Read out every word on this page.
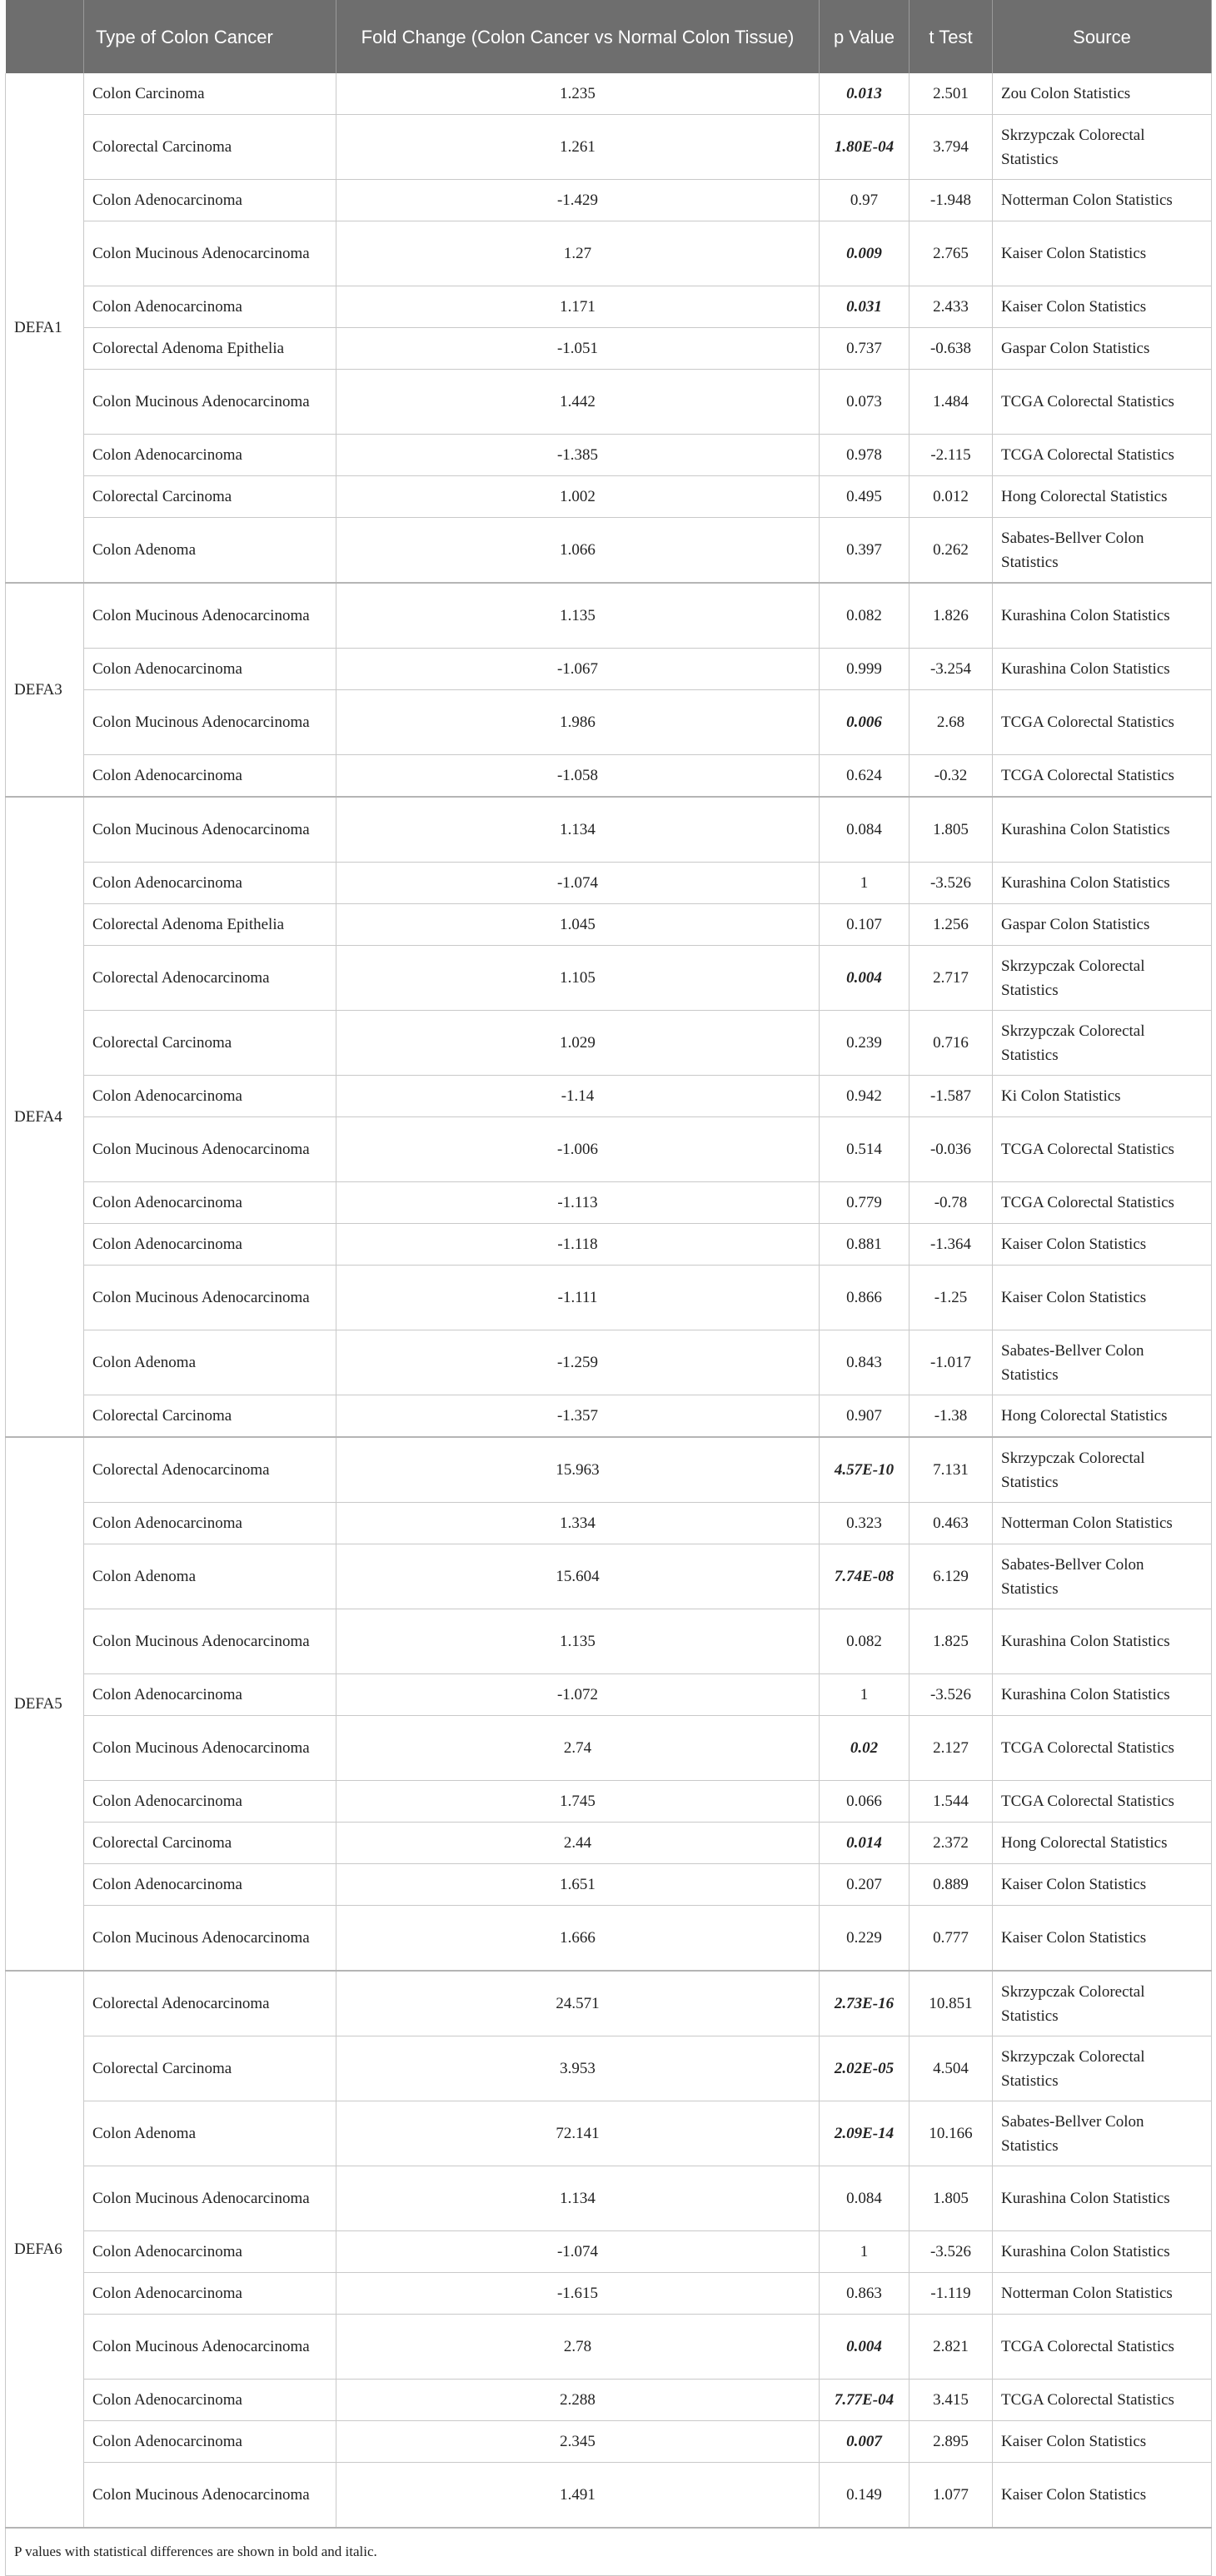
	Type of Colon Cancer	Fold Change (Colon Cancer vs Normal Colon Tissue)	p Value	t Test	Source
DEFA1	Colon Carcinoma	1.235	0.013	2.501	Zou Colon Statistics
	Colorectal Carcinoma	1.261	1.80E-04	3.794	Skrzypczak Colorectal Statistics
	Colon Adenocarcinoma	-1.429	0.97	-1.948	Notterman Colon Statistics
	Colon Mucinous Adenocarcinoma	1.27	0.009	2.765	Kaiser Colon Statistics
	Colon Adenocarcinoma	1.171	0.031	2.433	Kaiser Colon Statistics
	Colorectal Adenoma Epithelia	-1.051	0.737	-0.638	Gaspar Colon Statistics
	Colon Mucinous Adenocarcinoma	1.442	0.073	1.484	TCGA Colorectal Statistics
	Colon Adenocarcinoma	-1.385	0.978	-2.115	TCGA Colorectal Statistics
	Colorectal Carcinoma	1.002	0.495	0.012	Hong Colorectal Statistics
	Colon Adenoma	1.066	0.397	0.262	Sabates-Bellver Colon Statistics
DEFA3	Colon Mucinous Adenocarcinoma	1.135	0.082	1.826	Kurashina Colon Statistics
	Colon Adenocarcinoma	-1.067	0.999	-3.254	Kurashina Colon Statistics
	Colon Mucinous Adenocarcinoma	1.986	0.006	2.68	TCGA Colorectal Statistics
	Colon Adenocarcinoma	-1.058	0.624	-0.32	TCGA Colorectal Statistics
DEFA4	Colon Mucinous Adenocarcinoma	1.134	0.084	1.805	Kurashina Colon Statistics
	Colon Adenocarcinoma	-1.074	1	-3.526	Kurashina Colon Statistics
	Colorectal Adenoma Epithelia	1.045	0.107	1.256	Gaspar Colon Statistics
	Colorectal Adenocarcinoma	1.105	0.004	2.717	Skrzypczak Colorectal Statistics
	Colorectal Carcinoma	1.029	0.239	0.716	Skrzypczak Colorectal Statistics
	Colon Adenocarcinoma	-1.14	0.942	-1.587	Ki Colon Statistics
	Colon Mucinous Adenocarcinoma	-1.006	0.514	-0.036	TCGA Colorectal Statistics
	Colon Adenocarcinoma	-1.113	0.779	-0.78	TCGA Colorectal Statistics
	Colon Adenocarcinoma	-1.118	0.881	-1.364	Kaiser Colon Statistics
	Colon Mucinous Adenocarcinoma	-1.111	0.866	-1.25	Kaiser Colon Statistics
	Colon Adenoma	-1.259	0.843	-1.017	Sabates-Bellver Colon Statistics
	Colorectal Carcinoma	-1.357	0.907	-1.38	Hong Colorectal Statistics
DEFA5	Colorectal Adenocarcinoma	15.963	4.57E-10	7.131	Skrzypczak Colorectal Statistics
	Colon Adenocarcinoma	1.334	0.323	0.463	Notterman Colon Statistics
	Colon Adenoma	15.604	7.74E-08	6.129	Sabates-Bellver Colon Statistics
	Colon Mucinous Adenocarcinoma	1.135	0.082	1.825	Kurashina Colon Statistics
	Colon Adenocarcinoma	-1.072	1	-3.526	Kurashina Colon Statistics
	Colon Mucinous Adenocarcinoma	2.74	0.02	2.127	TCGA Colorectal Statistics
	Colon Adenocarcinoma	1.745	0.066	1.544	TCGA Colorectal Statistics
	Colorectal Carcinoma	2.44	0.014	2.372	Hong Colorectal Statistics
	Colon Adenocarcinoma	1.651	0.207	0.889	Kaiser Colon Statistics
	Colon Mucinous Adenocarcinoma	1.666	0.229	0.777	Kaiser Colon Statistics
DEFA6	Colorectal Adenocarcinoma	24.571	2.73E-16	10.851	Skrzypczak Colorectal Statistics
	Colorectal Carcinoma	3.953	2.02E-05	4.504	Skrzypczak Colorectal Statistics
	Colon Adenoma	72.141	2.09E-14	10.166	Sabates-Bellver Colon Statistics
	Colon Mucinous Adenocarcinoma	1.134	0.084	1.805	Kurashina Colon Statistics
	Colon Adenocarcinoma	-1.074	1	-3.526	Kurashina Colon Statistics
	Colon Adenocarcinoma	-1.615	0.863	-1.119	Notterman Colon Statistics
	Colon Mucinous Adenocarcinoma	2.78	0.004	2.821	TCGA Colorectal Statistics
	Colon Adenocarcinoma	2.288	7.77E-04	3.415	TCGA Colorectal Statistics
	Colon Adenocarcinoma	2.345	0.007	2.895	Kaiser Colon Statistics
	Colon Mucinous Adenocarcinoma	1.491	0.149	1.077	Kaiser Colon Statistics
P values with statistical differences are shown in bold and italic.					
